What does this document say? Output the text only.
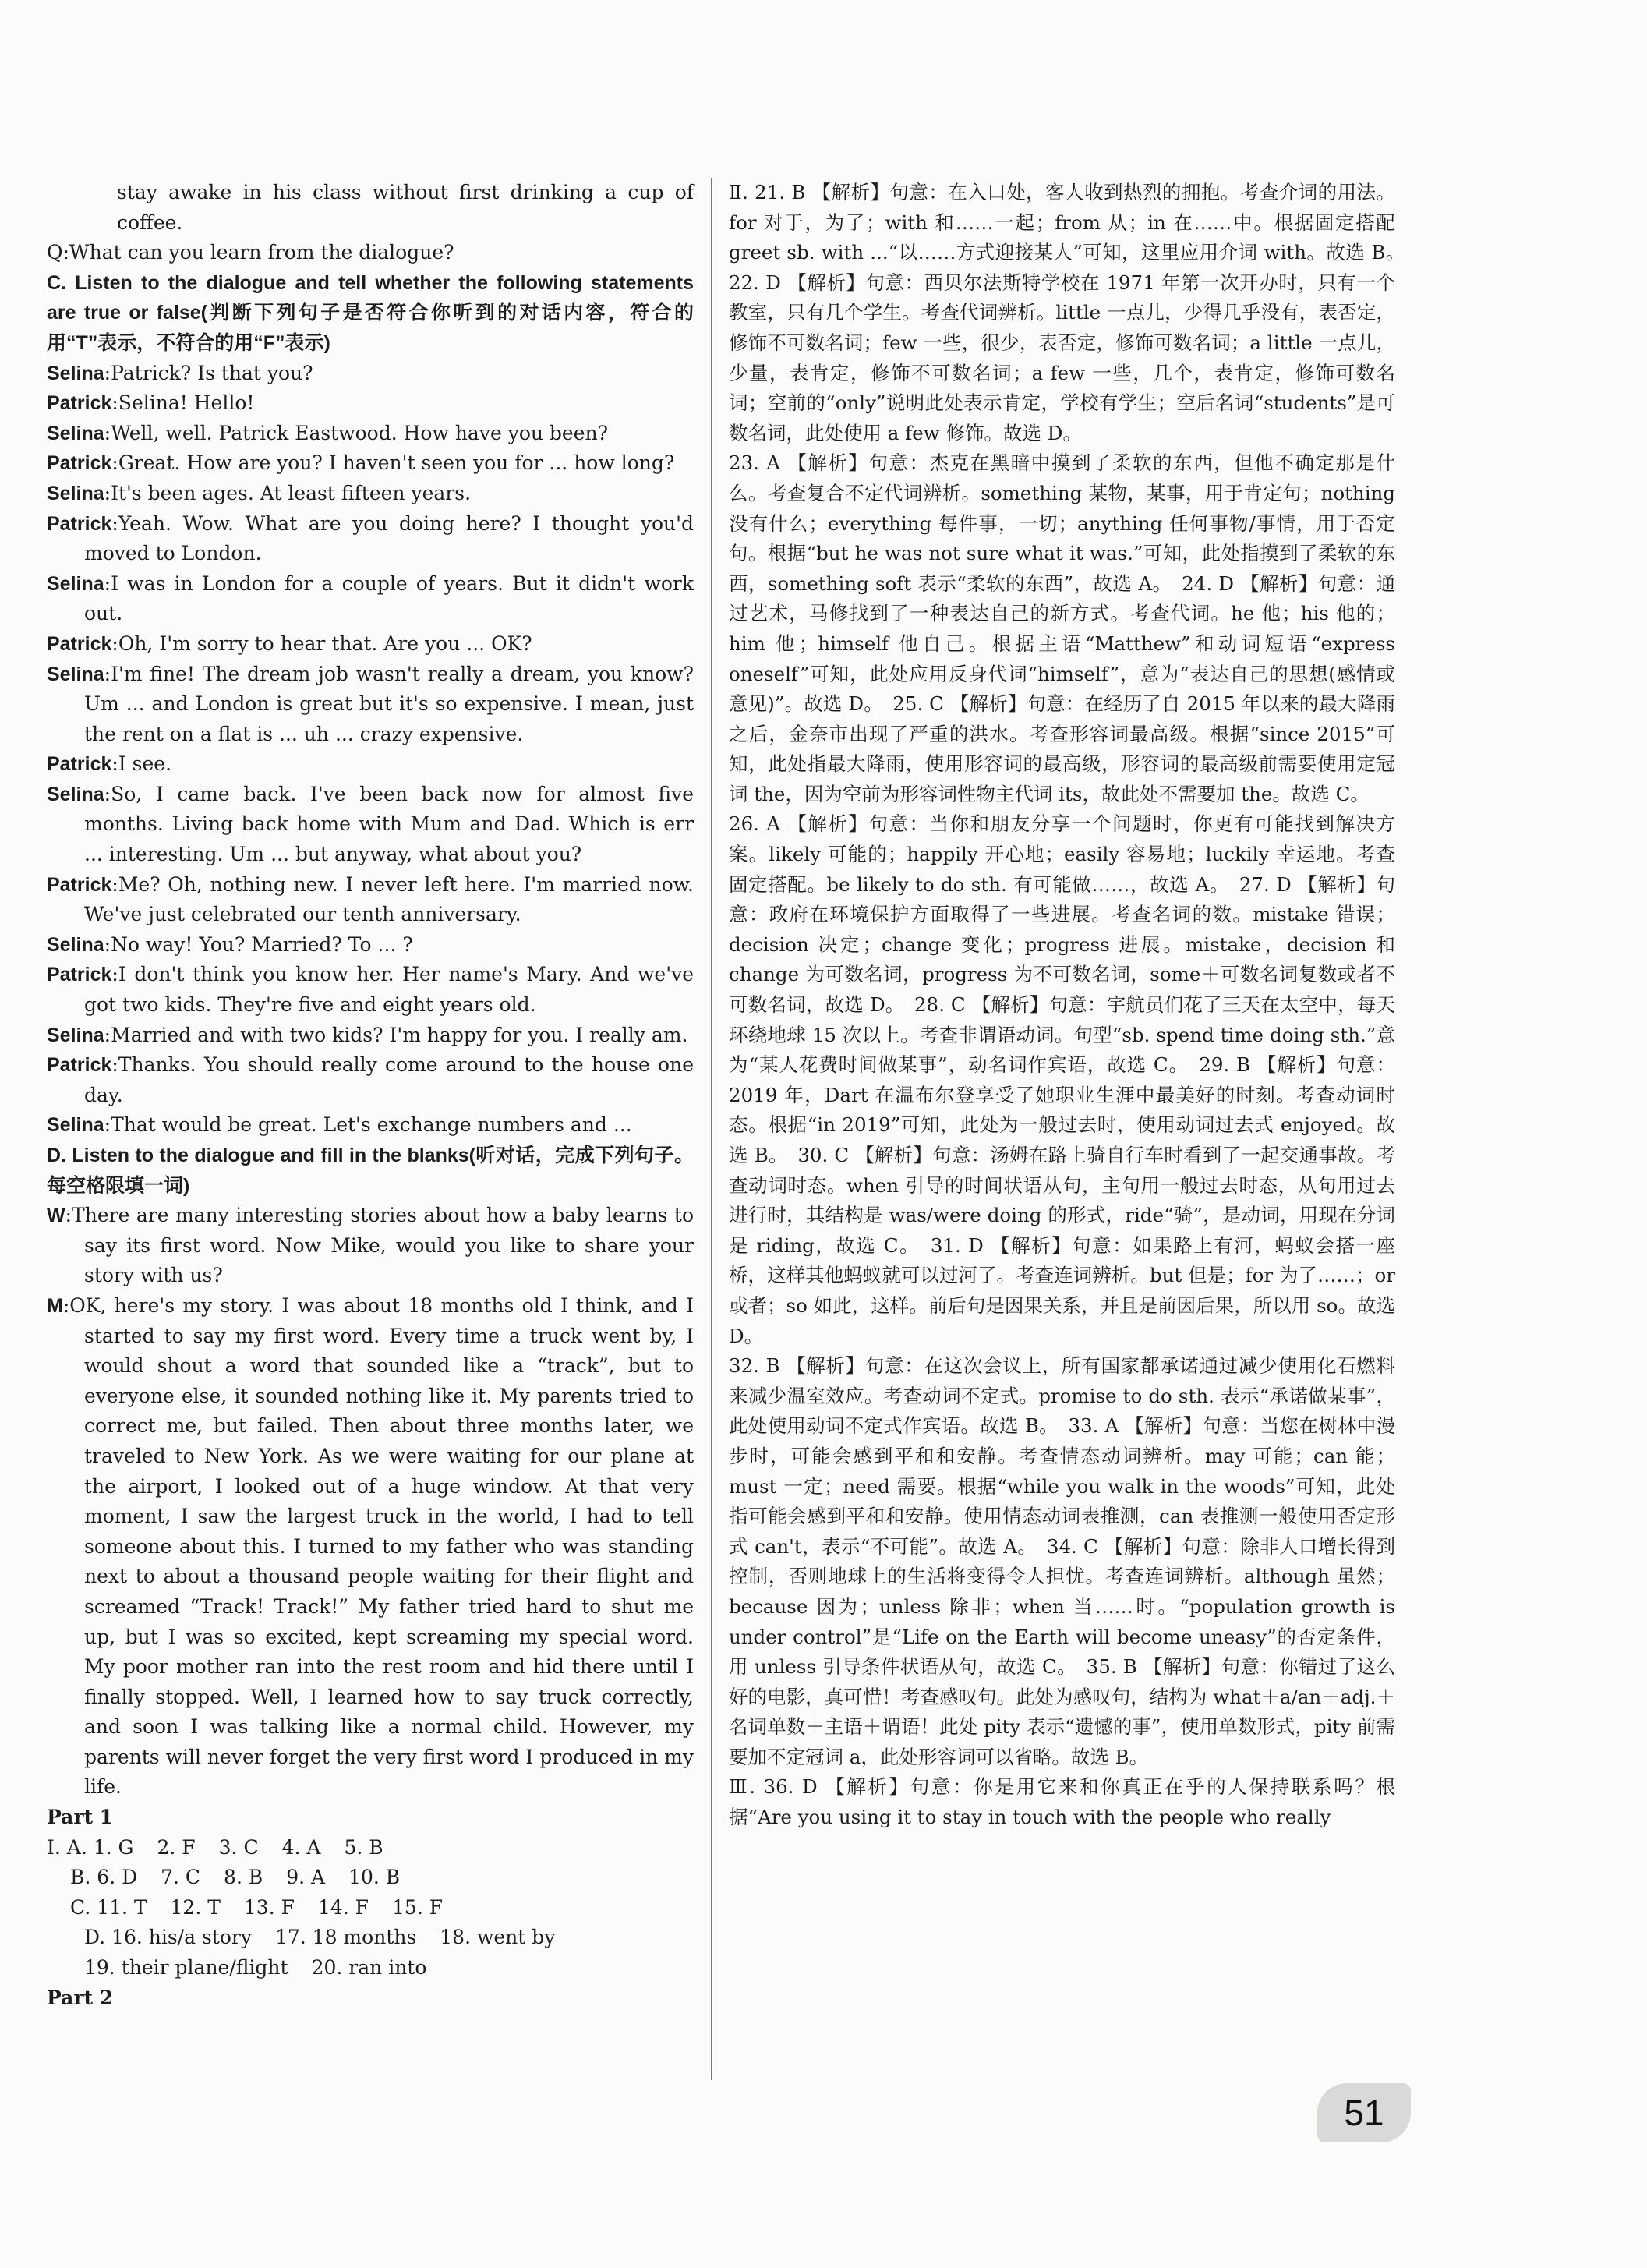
stay awake in his class without first drinking a cup of coffee.

Q:What can you learn from the dialogue?

C. Listen to the dialogue and tell whether the following statements are true or false(判断下列句子是否符合你听到的对话内容，符合的用“T”表示，不符合的用“F”表示)

Selina:Patrick? Is that you?

Patrick:Selina! Hello!

Selina:Well, well. Patrick Eastwood. How have you been?

Patrick:Great. How are you? I haven't seen you for ... how long?

Selina:It's been ages. At least fifteen years.

Patrick:Yeah. Wow. What are you doing here? I thought you'd moved to London.

Selina:I was in London for a couple of years. But it didn't work out.

Patrick:Oh, I'm sorry to hear that. Are you ... OK?

Selina:I'm fine! The dream job wasn't really a dream, you know? Um ... and London is great but it's so expensive. I mean, just the rent on a flat is ... uh ... crazy expensive.

Patrick:I see.

Selina:So, I came back. I've been back now for almost five months. Living back home with Mum and Dad. Which is err ... interesting. Um ... but anyway, what about you?

Patrick:Me? Oh, nothing new. I never left here. I'm married now. We've just celebrated our tenth anniversary.

Selina:No way! You? Married? To ... ?

Patrick:I don't think you know her. Her name's Mary. And we've got two kids. They're five and eight years old.

Selina:Married and with two kids? I'm happy for you. I really am.

Patrick:Thanks. You should really come around to the house one day.

Selina:That would be great. Let's exchange numbers and ...

D. Listen to the dialogue and fill in the blanks(听对话，完成下列句子。每空格限填一词)

W:There are many interesting stories about how a baby learns to say its first word. Now Mike, would you like to share your story with us?

M:OK, here's my story. I was about 18 months old I think, and I started to say my first word. Every time a truck went by, I would shout a word that sounded like a “track”, but to everyone else, it sounded nothing like it. My parents tried to correct me, but failed. Then about three months later, we traveled to New York. As we were waiting for our plane at the airport, I looked out of a huge window. At that very moment, I saw the largest truck in the world, I had to tell someone about this. I turned to my father who was standing next to about a thousand people waiting for their flight and screamed “Track! Track!” My father tried hard to shut me up, but I was so excited, kept screaming my special word. My poor mother ran into the rest room and hid there until I finally stopped. Well, I learned how to say truck correctly, and soon I was talking like a normal child. However, my parents will never forget the very first word I produced in my life.

Part 1

Ⅰ. A. 1. G 2. F 3. C 4. A 5. B

B. 6. D 7. C 8. B 9. A 10. B

C. 11. T 12. T 13. F 14. F 15. F

D. 16. his/a story 17. 18 months 18. went by

19. their plane/flight 20. ran into

Part 2

Ⅱ. 21. B 【解析】句意：在入口处，客人收到热烈的拥抱。考查介词的用法。for 对于，为了；with 和……一起；from 从；in 在……中。根据固定搭配 greet sb. with ...“以……方式迎接某人”可知，这里应用介词 with。故选 B。　22. D 【解析】句意：西贝尔法斯特学校在 1971 年第一次开办时，只有一个教室，只有几个学生。考查代词辨析。little 一点儿，少得几乎没有，表否定，修饰不可数名词；few 一些，很少，表否定，修饰可数名词；a little 一点儿，少量，表肯定，修饰不可数名词；a few 一些，几个，表肯定，修饰可数名词；空前的“only”说明此处表示肯定，学校有学生；空后名词“students”是可数名词，此处使用 a few 修饰。故选 D。

23. A 【解析】句意：杰克在黑暗中摸到了柔软的东西，但他不确定那是什么。考查复合不定代词辨析。something 某物，某事，用于肯定句；nothing 没有什么；everything 每件事，一切；anything 任何事物/事情，用于否定句。根据“but he was not sure what it was.”可知，此处指摸到了柔软的东西，something soft 表示“柔软的东西”，故选 A。　24. D 【解析】句意：通过艺术，马修找到了一种表达自己的新方式。考查代词。he 他；his 他的；him 他；himself 他自己。根据主语“Matthew”和动词短语“express oneself”可知，此处应用反身代词“himself”，意为“表达自己的思想(感情或意见)”。故选 D。　25. C 【解析】句意：在经历了自 2015 年以来的最大降雨之后，金奈市出现了严重的洪水。考查形容词最高级。根据“since 2015”可知，此处指最大降雨，使用形容词的最高级，形容词的最高级前需要使用定冠词 the，因为空前为形容词性物主代词 its，故此处不需要加 the。故选 C。

26. A 【解析】句意：当你和朋友分享一个问题时，你更有可能找到解决方案。likely 可能的；happily 开心地；easily 容易地；luckily 幸运地。考查固定搭配。be likely to do sth. 有可能做……，故选 A。　27. D 【解析】句意：政府在环境保护方面取得了一些进展。考查名词的数。mistake 错误；decision 决定；change 变化；progress 进展。mistake，decision 和 change 为可数名词，progress 为不可数名词，some＋可数名词复数或者不可数名词，故选 D。　28. C 【解析】句意：宇航员们花了三天在太空中，每天环绕地球 15 次以上。考查非谓语动词。句型“sb. spend time doing sth.”意为“某人花费时间做某事”，动名词作宾语，故选 C。　29. B 【解析】句意：2019 年，Dart 在温布尔登享受了她职业生涯中最美好的时刻。考查动词时态。根据“in 2019”可知，此处为一般过去时，使用动词过去式 enjoyed。故选 B。　30. C 【解析】句意：汤姆在路上骑自行车时看到了一起交通事故。考查动词时态。when 引导的时间状语从句，主句用一般过去时态，从句用过去进行时，其结构是 was/were doing 的形式，ride“骑”，是动词，用现在分词是 riding，故选 C。　31. D 【解析】句意：如果路上有河，蚂蚁会搭一座桥，这样其他蚂蚁就可以过河了。考查连词辨析。but 但是；for 为了……；or 或者；so 如此，这样。前后句是因果关系，并且是前因后果，所以用 so。故选 D。

32. B 【解析】句意：在这次会议上，所有国家都承诺通过减少使用化石燃料来减少温室效应。考查动词不定式。promise to do sth. 表示“承诺做某事”，此处使用动词不定式作宾语。故选 B。　33. A 【解析】句意：当您在树林中漫步时，可能会感到平和和安静。考查情态动词辨析。may 可能；can 能；must 一定；need 需要。根据“while you walk in the woods”可知，此处指可能会感到平和和安静。使用情态动词表推测，can 表推测一般使用否定形式 can't，表示“不可能”。故选 A。　34. C 【解析】句意：除非人口增长得到控制，否则地球上的生活将变得令人担忧。考查连词辨析。although 虽然；because 因为；unless 除非；when 当……时。“population growth is under control”是“Life on the Earth will become uneasy”的否定条件，用 unless 引导条件状语从句，故选 C。　35. B 【解析】句意：你错过了这么好的电影，真可惜！考查感叹句。此处为感叹句，结构为 what＋a/an＋adj.＋名词单数＋主语＋谓语！此处 pity 表示“遗憾的事”，使用单数形式，pity 前需要加不定冠词 a，此处形容词可以省略。故选 B。

Ⅲ. 36. D 【解析】句意：你是用它来和你真正在乎的人保持联系吗？根据“Are you using it to stay in touch with the people who really

51
